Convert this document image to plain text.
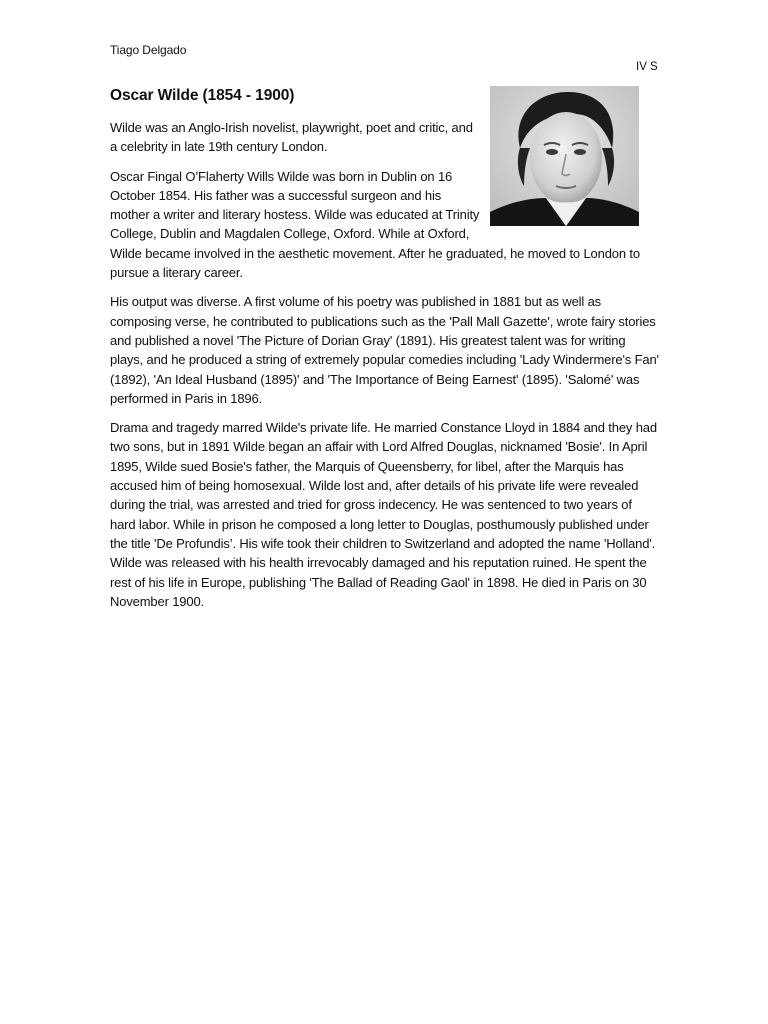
Tiago Delgado
IV S
Oscar Wilde (1854 - 1900)

Wilde was an Anglo-Irish novelist, playwright, poet and critic, and a celebrity in late 19th century London.

Oscar Fingal O’Flaherty Wills Wilde was born in Dublin on 16 October 1854. His father was a successful surgeon and his mother a writer and literary hostess. Wilde was educated at Trinity College, Dublin and Magdalen College, Oxford. While at Oxford, Wilde became involved in the aesthetic movement. After he graduated, he moved to London to pursue a literary career.

His output was diverse. A first volume of his poetry was published in 1881 but as well as composing verse, he contributed to publications such as the 'Pall Mall Gazette', wrote fairy stories and published a novel 'The Picture of Dorian Gray' (1891). His greatest talent was for writing plays, and he produced a string of extremely popular comedies including 'Lady Windermere's Fan' (1892), 'An Ideal Husband (1895)' and 'The Importance of Being Earnest' (1895). 'Salomé' was performed in Paris in 1896.

Drama and tragedy marred Wilde's private life. He married Constance Lloyd in 1884 and they had two sons, but in 1891 Wilde began an affair with Lord Alfred Douglas, nicknamed 'Bosie'. In April 1895, Wilde sued Bosie's father, the Marquis of Queensberry, for libel, after the Marquis has accused him of being homosexual. Wilde lost and, after details of his private life were revealed during the trial, was arrested and tried for gross indecency. He was sentenced to two years of hard labor. While in prison he composed a long letter to Douglas, posthumously published under the title 'De Profundis’. His wife took their children to Switzerland and adopted the name 'Holland'. Wilde was released with his health irrevocably damaged and his reputation ruined. He spent the rest of his life in Europe, publishing 'The Ballad of Reading Gaol' in 1898. He died in Paris on 30 November 1900.
